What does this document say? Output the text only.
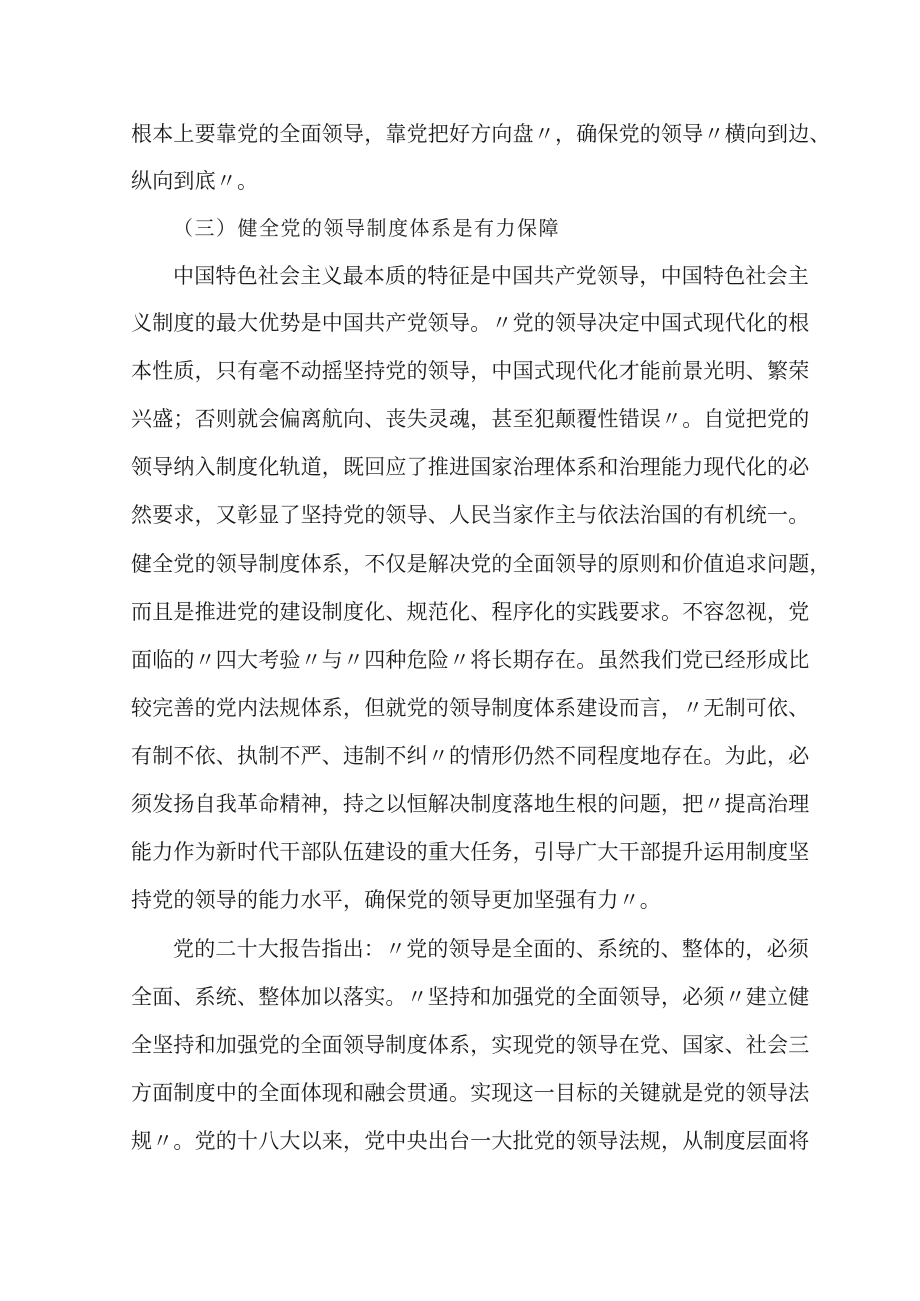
根本上要靠党的全面领导，靠党把好方向盘〃，确保党的领导〃横向到边、
纵向到底〃。
（三）健全党的领导制度体系是有力保障
中国特色社会主义最本质的特征是中国共产党领导，中国特色社会主
义制度的最大优势是中国共产党领导。〃党的领导决定中国式现代化的根
本性质，只有毫不动摇坚持党的领导，中国式现代化才能前景光明、繁荣
兴盛；否则就会偏离航向、丧失灵魂，甚至犯颠覆性错误〃。自觉把党的
领导纳入制度化轨道，既回应了推进国家治理体系和治理能力现代化的必
然要求，又彰显了坚持党的领导、人民当家作主与依法治国的有机统一。
健全党的领导制度体系，不仅是解决党的全面领导的原则和价值追求问题，
而且是推进党的建设制度化、规范化、程序化的实践要求。不容忽视，党
面临的〃四大考验〃与〃四种危险〃将长期存在。虽然我们党已经形成比
较完善的党内法规体系，但就党的领导制度体系建设而言，〃无制可依、
有制不依、执制不严、违制不纠〃的情形仍然不同程度地存在。为此，必
须发扬自我革命精神，持之以恒解决制度落地生根的问题，把〃提高治理
能力作为新时代干部队伍建设的重大任务，引导广大干部提升运用制度坚
持党的领导的能力水平，确保党的领导更加坚强有力〃。
党的二十大报告指出：〃党的领导是全面的、系统的、整体的，必须
全面、系统、整体加以落实。〃坚持和加强党的全面领导，必须〃建立健
全坚持和加强党的全面领导制度体系，实现党的领导在党、国家、社会三
方面制度中的全面体现和融会贯通。实现这一目标的关键就是党的领导法
规〃。党的十八大以来，党中央出台一大批党的领导法规，从制度层面将
